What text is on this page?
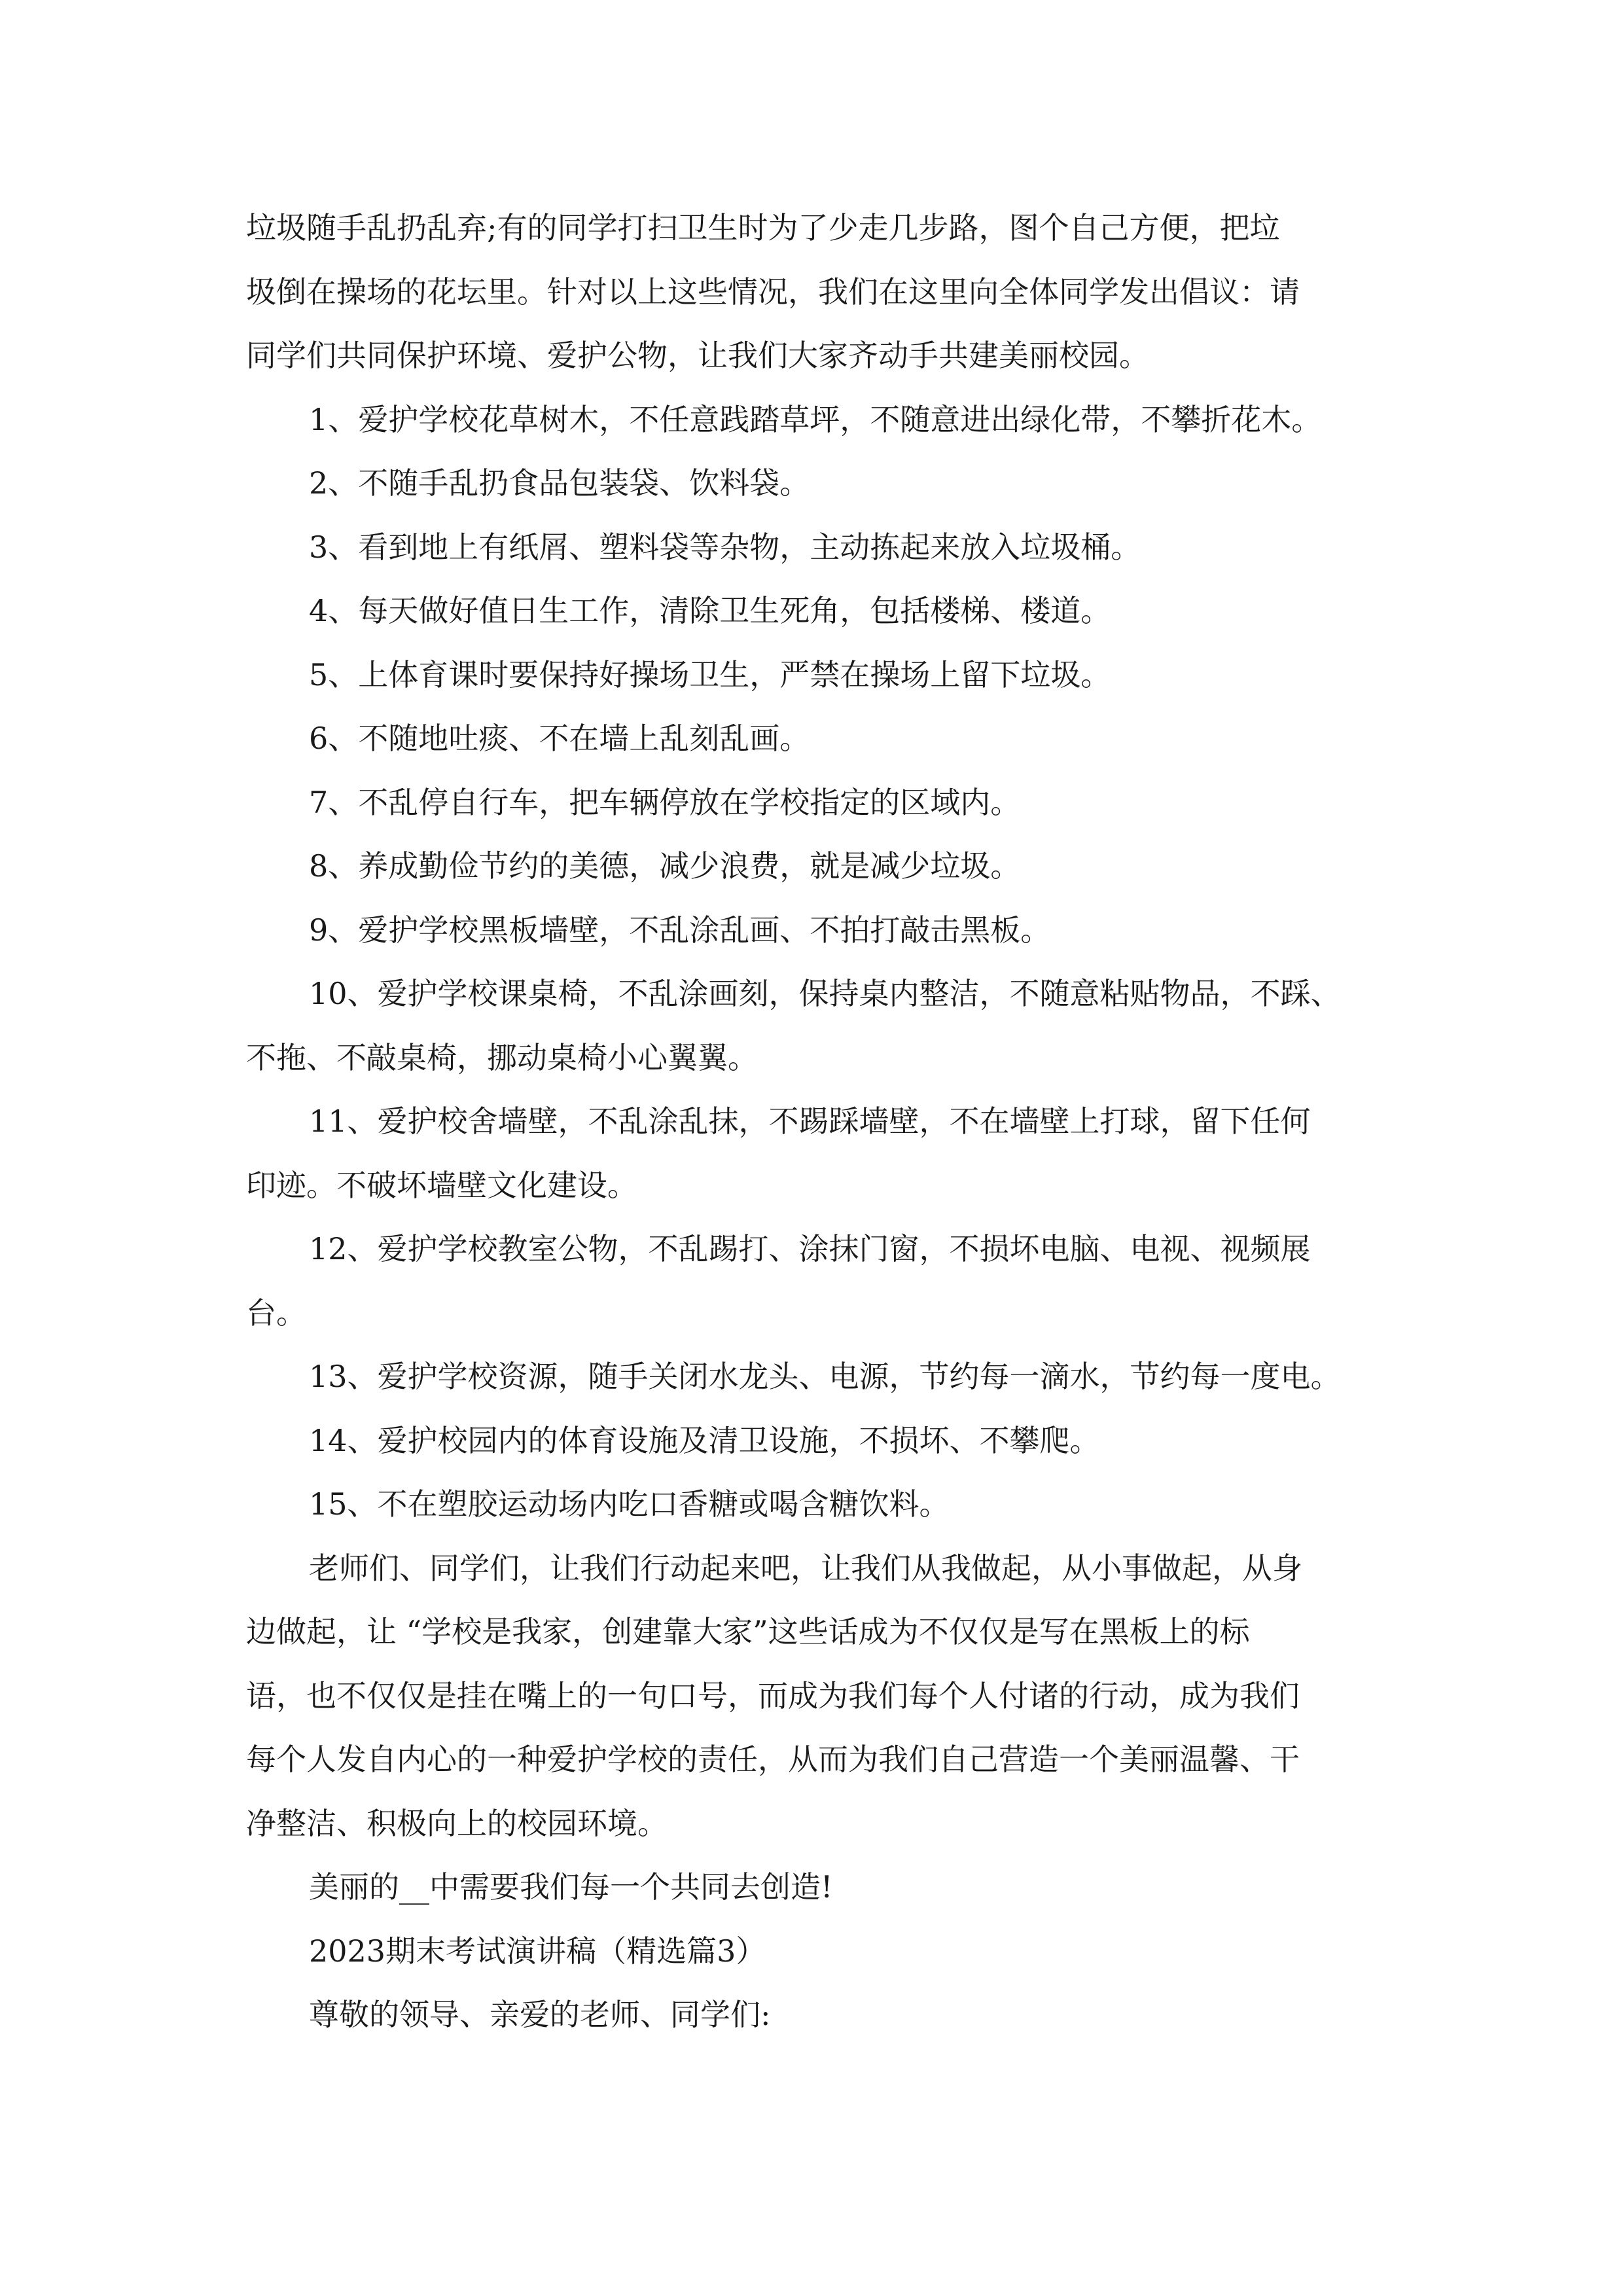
垃圾随手乱扔乱弃;有的同学打扫卫生时为了少走几步路，图个自己方便，把垃
圾倒在操场的花坛里。针对以上这些情况，我们在这里向全体同学发出倡议：请
同学们共同保护环境、爱护公物，让我们大家齐动手共建美丽校园。
1、爱护学校花草树木，不任意践踏草坪，不随意进出绿化带，不攀折花木。
2、不随手乱扔食品包装袋、饮料袋。
3、看到地上有纸屑、塑料袋等杂物，主动拣起来放入垃圾桶。
4、每天做好值日生工作，清除卫生死角，包括楼梯、楼道。
5、上体育课时要保持好操场卫生，严禁在操场上留下垃圾。
6、不随地吐痰、不在墙上乱刻乱画。
7、不乱停自行车，把车辆停放在学校指定的区域内。
8、养成勤俭节约的美德，减少浪费，就是减少垃圾。
9、爱护学校黑板墙壁，不乱涂乱画、不拍打敲击黑板。
10、爱护学校课桌椅，不乱涂画刻，保持桌内整洁，不随意粘贴物品，不踩、
不拖、不敲桌椅，挪动桌椅小心翼翼。
11、爱护校舍墙壁，不乱涂乱抹，不踢踩墙壁，不在墙壁上打球，留下任何
印迹。不破坏墙壁文化建设。
12、爱护学校教室公物，不乱踢打、涂抹门窗，不损坏电脑、电视、视频展
台。
13、爱护学校资源，随手关闭水龙头、电源，节约每一滴水，节约每一度电。
14、爱护校园内的体育设施及清卫设施，不损坏、不攀爬。
15、不在塑胶运动场内吃口香糖或喝含糖饮料。
老师们、同学们，让我们行动起来吧，让我们从我做起，从小事做起，从身
边做起，让 “学校是我家，创建靠大家”这些话成为不仅仅是写在黑板上的标
语，也不仅仅是挂在嘴上的一句口号，而成为我们每个人付诸的行动，成为我们
每个人发自内心的一种爱护学校的责任，从而为我们自己营造一个美丽温馨、干
净整洁、积极向上的校园环境。
美丽的__中需要我们每一个共同去创造!
2023期末考试演讲稿（精选篇3）
尊敬的领导、亲爱的老师、同学们:
